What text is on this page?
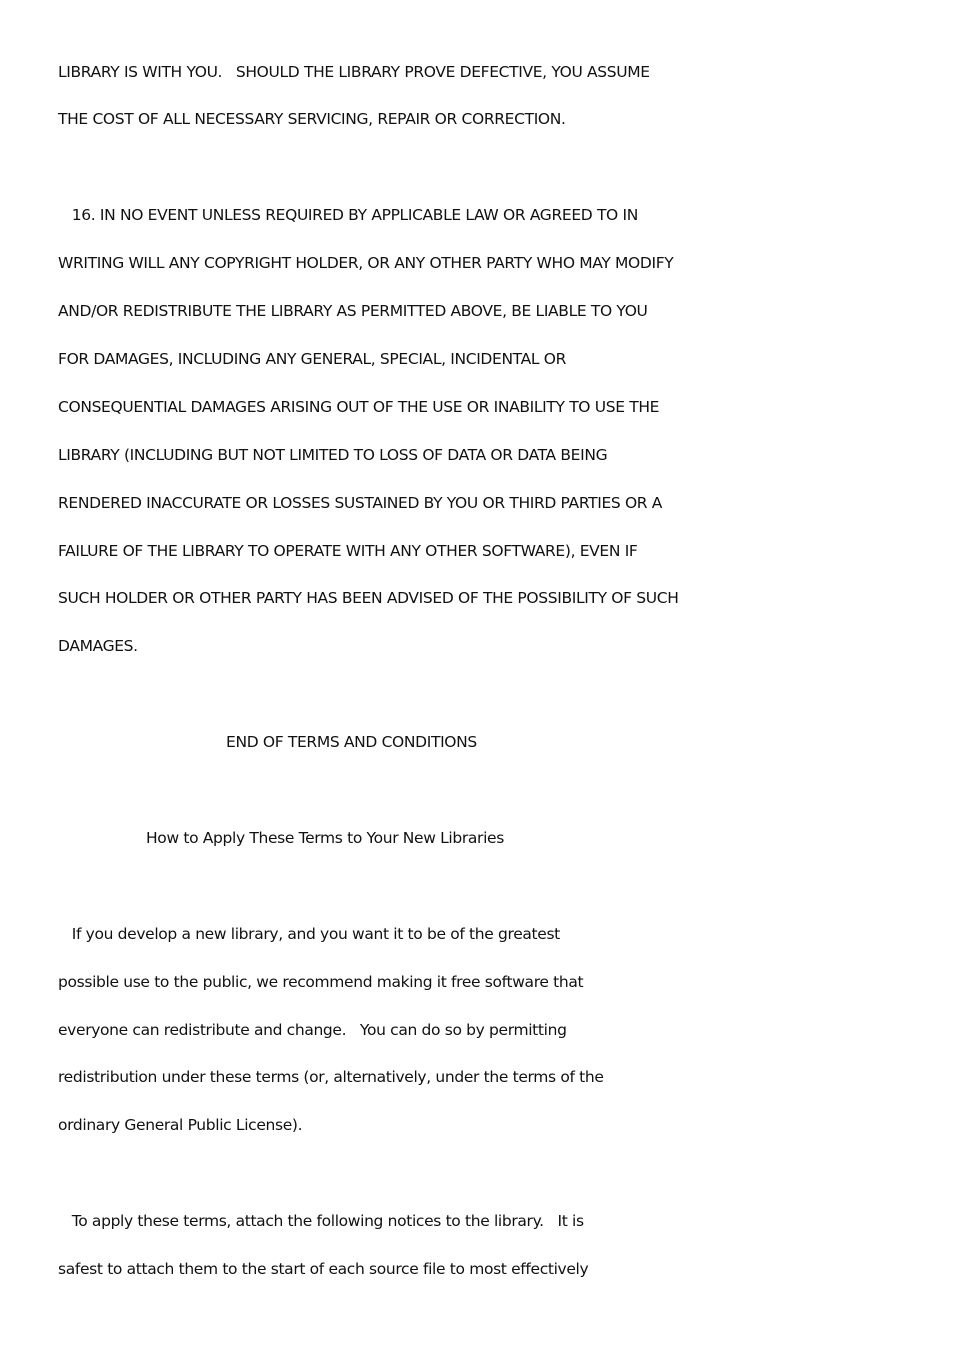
LIBRARY IS WITH YOU.   SHOULD THE LIBRARY PROVE DEFECTIVE, YOU ASSUME
THE COST OF ALL NECESSARY SERVICING, REPAIR OR CORRECTION.
16. IN NO EVENT UNLESS REQUIRED BY APPLICABLE LAW OR AGREED TO IN
WRITING WILL ANY COPYRIGHT HOLDER, OR ANY OTHER PARTY WHO MAY MODIFY
AND/OR REDISTRIBUTE THE LIBRARY AS PERMITTED ABOVE, BE LIABLE TO YOU
FOR DAMAGES, INCLUDING ANY GENERAL, SPECIAL, INCIDENTAL OR
CONSEQUENTIAL DAMAGES ARISING OUT OF THE USE OR INABILITY TO USE THE
LIBRARY (INCLUDING BUT NOT LIMITED TO LOSS OF DATA OR DATA BEING
RENDERED INACCURATE OR LOSSES SUSTAINED BY YOU OR THIRD PARTIES OR A
FAILURE OF THE LIBRARY TO OPERATE WITH ANY OTHER SOFTWARE), EVEN IF
SUCH HOLDER OR OTHER PARTY HAS BEEN ADVISED OF THE POSSIBILITY OF SUCH
DAMAGES.
END OF TERMS AND CONDITIONS
How to Apply These Terms to Your New Libraries
If you develop a new library, and you want it to be of the greatest
possible use to the public, we recommend making it free software that
everyone can redistribute and change.   You can do so by permitting
redistribution under these terms (or, alternatively, under the terms of the
ordinary General Public License).
To apply these terms, attach the following notices to the library.   It is
safest to attach them to the start of each source file to most effectively
